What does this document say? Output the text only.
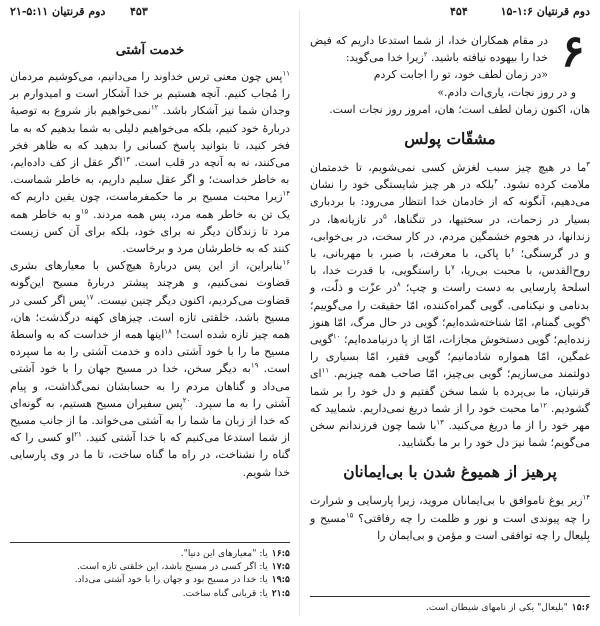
۴۵۳
دوم قرنتیان ۵:۱۱-۲۱
خدمت آشتی

$^{۱۱}$پس چون معنی ترس خداوند را می‌دانیم، می‌کوشیم مردمان را مُجاب کنیم. آنچه هستیم بر خدا آشکار است و امیدوارم بر وجدان شما نیز آشکار باشد. $^{۱۲}$نمی‌خواهیم باز شروع به توصیهٔ دربارهٔ خود کنیم، بلکه می‌خواهیم دلیلی به شما بدهیم که به ما فخر کنید، تا بتوانید پاسخ کسانی را بدهید که به ظاهر فخر می‌کنند، نه به آنچه در قلب است. $^{۱۳}$اگر عقل از کف داده‌ایم، به خاطر خداست؛ و اگر عقل سلیم داریم، به خاطر شماست. $^{۱۴}$زیرا محبت مسیح بر ما حکمفرماست، چون یقین داریم که یک تن به خاطر همه مرد، پس همه مردند. $^{۱۵}$و به خاطر همه مرد تا زندگان دیگر نه برای خود، بلکه برای آن کس زیست کنند که به خاطرشان مرد و برخاست.

$^{۱۶}$بنابراین، از این پس دربارهٔ هیچ‌کس با معیارهای بشری قضاوت نمی‌کنیم، و هرچند پیشتر دربارهٔ مسیح این‌گونه قضاوت می‌کردیم، اکنون دیگر چنین نیست. $^{۱۷}$پس اگر کسی در مسیح باشد، خلقتی تازه است. چیزهای کهنه درگذشت؛ هان، همه چیز تازه شده است! $^{۱۸}$اینها همه از خداست که به واسطهٔ مسیح ما را با خود آشتی داده و خدمت آشتی را به ما سپرده است. $^{۱۹}$به دیگر سخن، خدا در مسیح جهان را با خود آشتی می‌داد و گناهان مردم را به حسابشان نمی‌گذاشت، و پیام آشتی را به ما سپرد. $^{۲۰}$پس سفیران مسیح هستیم، به گونه‌ای که خدا از زبان ما شما را به آشتی می‌خواند. ما از جانب مسیح از شما استدعا می‌کنیم که با خدا آشتی کنید. $^{۲۱}$او کسی را که گناه را نشناخت، در راه ما گناه ساخت، تا ما در وی پارسایی خدا شویم.

۱۶:۵یا: "معیارهای این دنیا".

۱۷:۵یا: اگر کسی در مسیح باشد، این خلقتی تازه است.

۱۹:۵یا: خدا در مسیح بود و جهان را با خود آشتی می‌داد.

۲۱:۵یا: قربانی گناه ساخت.

۴۵۴	دوم قرنتیان ۱:۶-۱۵
۶

در مقام همکاران خدا، از شما استدعا داریم که فیض خدا را بیهوده نیافته باشید. $^۲$زیرا خدا می‌گوید:

«در زمان لطف خود، تو را اجابت کردم

و در روز نجات، یاری‌ات دادم.»

هان، اکنون زمان لطف است؛ هان، امروز روز نجات است.

مشقّات پولس

$^۳$ما در هیچ چیز سبب لغزش کسی نمی‌شویم، تا خدمتمان ملامت کرده نشود. $^۴$بلکه در هر چیز شایستگی خود را نشان می‌دهیم، آنگونه که از خادمان خدا انتظار می‌رود: با بردباری بسیار در زحمات، در سختیها، در تنگناها، $^۵$در تازیانه‌ها، در زندانها، در هجوم خشمگین مردم، در کار سخت، در بی‌خوابی، و در گرسنگی؛ $^۶$با پاکی، با معرفت، با صبر، با مهربانی، با روح‌القدس، با محبت بی‌ریا، $^۷$با راستگویی، با قدرت خدا، با اسلحهٔ پارسایی به دست راست و چپ؛ $^۸$در عزّت و ذلّت، و بدنامی و نیکنامی. گویی گمراه‌کننده، امّا حقیقت را می‌گوییم؛ $^۹$گویی گمنام، امّا شناخته‌شده‌ایم؛ گویی در حال مرگ، امّا هنوز زنده‌ایم؛ گویی دستخوش مجازات، امّا از پا درنیامده‌ایم؛ $^{۱۰}$گویی غمگین، امّا همواره شادمانیم؛ گویی فقیر، امّا بسیاری را دولتمند می‌سازیم؛ گویی بی‌چیز، امّا صاحب همه چیزیم. $^{۱۱}$ای قرنتیان، ما بی‌پرده با شما سخن گفتیم و دل خود را بر شما گشودیم. $^{۱۲}$ما محبت خود را از شما دریغ نمی‌داریم. شمایید که مهر خود را از ما دریغ می‌کنید. $^{۱۳}$با شما چون فرزندانم سخن می‌گویم؛ شما نیز دل خود را بر ما بگشایید.

پرهیز از همیوغ شدن با بی‌ایمانان

$^{۱۴}$زیر یوغ ناموافق با بی‌ایمانان مروید، زیرا پارسایی و شرارت را چه پیوندی است و نور و ظلمت را چه رفاقتی؟ $^{۱۵}$مسیح و بِلیعال را چه توافقی است و مؤمن و بی‌ایمان را

۱۵:۶"بلیعال" یکی از نامهای شیطان است.
